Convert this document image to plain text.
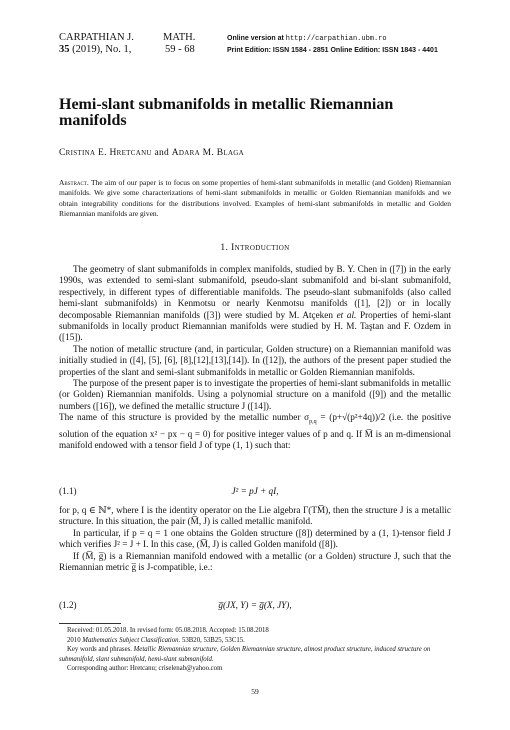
CARPATHIAN J.
35 (2019), No. 1,
MATH.
59 - 68
Online version at http://carpathian.ubm.ro
Print Edition: ISSN 1584 - 2851 Online Edition: ISSN 1843 - 4401
Hemi-slant submanifolds in metallic Riemannian manifolds
Cristina E. Hretcanu and Adara M. Blaga
Abstract. The aim of our paper is to focus on some properties of hemi-slant submanifolds in metallic (and Golden) Riemannian manifolds. We give some characterizations of hemi-slant submanifolds in metallic or Golden Riemannian manifolds and we obtain integrability conditions for the distributions involved. Examples of hemi-slant submanifolds in metallic and Golden Riemannian manifolds are given.
1. Introduction

The geometry of slant submanifolds in complex manifolds, studied by B. Y. Chen in ([7]) in the early 1990s, was extended to semi-slant submanifold, pseudo-slant submanifold and bi-slant submanifold, respectively, in different types of differentiable manifolds. The pseudo-slant submanifolds (also called hemi-slant submanifolds) in Kenmotsu or nearly Kenmotsu manifolds ([1], [2]) or in locally decomposable Riemannian manifolds ([3]) were studied by M. Atçeken et al. Properties of hemi-slant submanifolds in locally product Riemannian manifolds were studied by H. M. Taştan and F. Ozdem in ([15]).

The notion of metallic structure (and, in particular, Golden structure) on a Riemannian manifold was initially studied in ([4], [5], [6], [8],[12],[13],[14]). In ([12]), the authors of the present paper studied the properties of the slant and semi-slant submanifolds in metallic or Golden Riemannian manifolds.

The purpose of the present paper is to investigate the properties of hemi-slant submanifolds in metallic (or Golden) Riemannian manifolds. Using a polynomial structure on a manifold ([9]) and the metallic numbers ([16]), we defined the metallic structure J ([14]).

The name of this structure is provided by the metallic number $\sigma_{p,q} = (p+√(p^2+4q))/2$ (i.e. the positive solution of the equation x² − px − q = 0) for positive integer values of p and q. If M̅ is an m-dimensional manifold endowed with a tensor field J of type (1, 1) such that:

(1.1)	J² = pJ + qI,

for p, q ∈ ℕ*, where I is the identity operator on the Lie algebra Γ(TM̅), then the structure J is a metallic structure. In this situation, the pair (M̅, J) is called metallic manifold.

In particular, if p = q = 1 one obtains the Golden structure ([8]) determined by a (1, 1)-tensor field J which verifies J² = J + I. In this case, (M̅, J) is called Golden manifold ([8]).

If (M̅, g̅) is a Riemannian manifold endowed with a metallic (or a Golden) structure J, such that the Riemannian metric g̅ is J-compatible, i.e.:

(1.2)	g̅(JX, Y) = g̅(X, JY),
Received: 01.05.2018. In revised form: 05.08.2018. Accepted: 15.08.2018
2010 Mathematics Subject Classification. 53B20, 53B25, 53C15.
Key words and phrases. Metallic Riemannian structure, Golden Riemannian structure, almost product structure, induced structure on submanifold, slant submanifold, hemi-slant submanifold.
Corresponding author: Hretcanu; criselenab@yahoo.com
59
